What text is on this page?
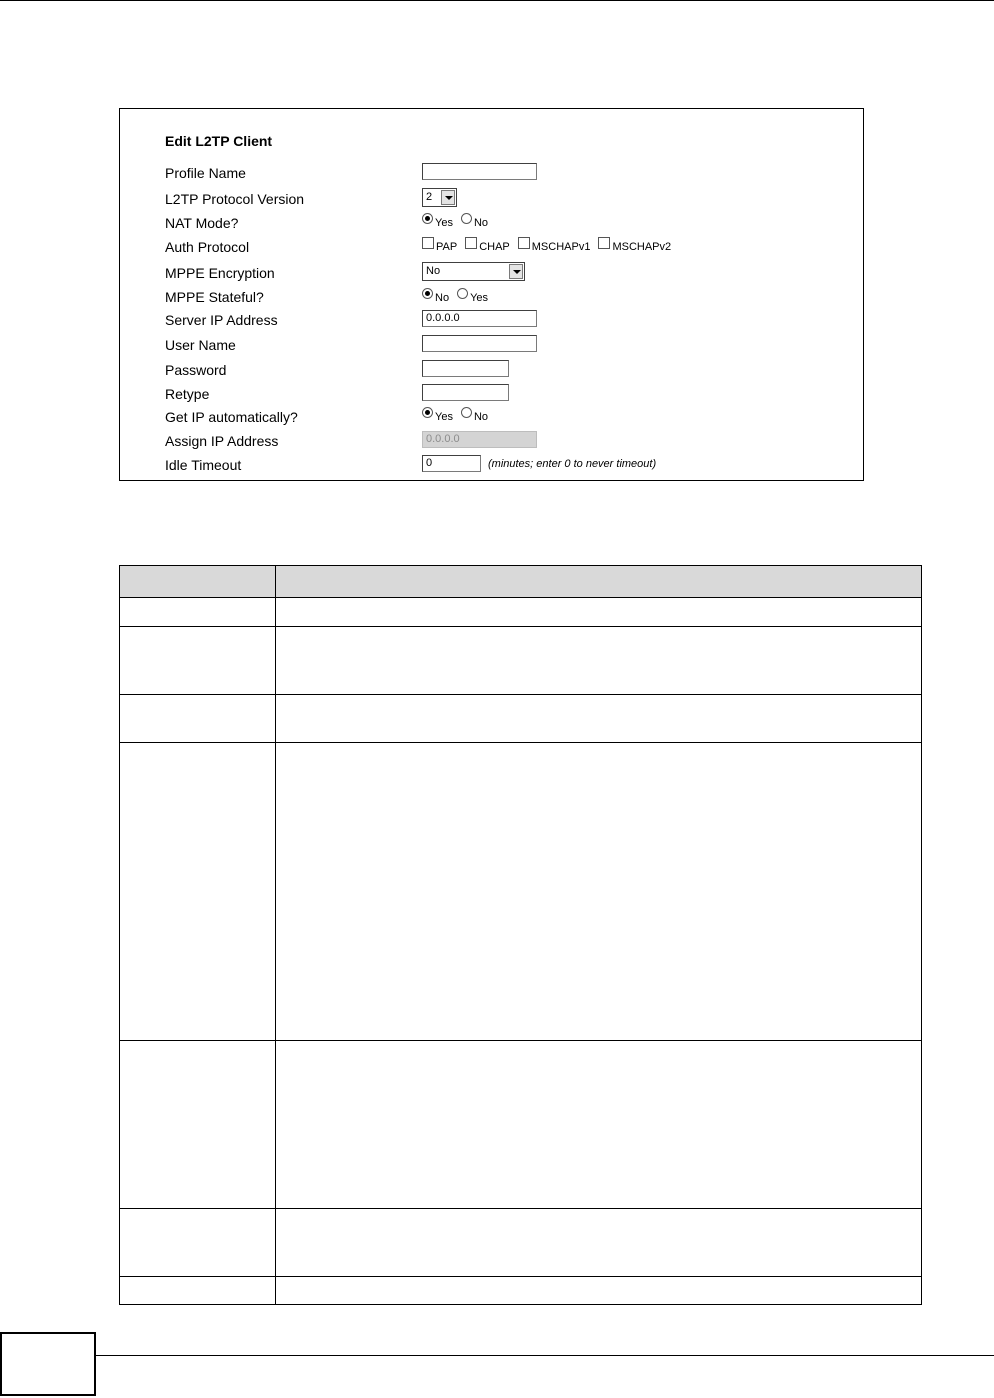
Edit L2TP Client
Profile Name
L2TP Protocol Version	2
NAT Mode?	Yes No
Auth Protocol	PAP CHAP MSCHAPv1 MSCHAPv2
MPPE Encryption	No
MPPE Stateful?	No Yes
Server IP Address	0.0.0.0
User Name
Password
Retype
Get IP automatically?	Yes No
Assign IP Address	0.0.0.0
Idle Timeout	0	(minutes; enter 0 to never timeout)
